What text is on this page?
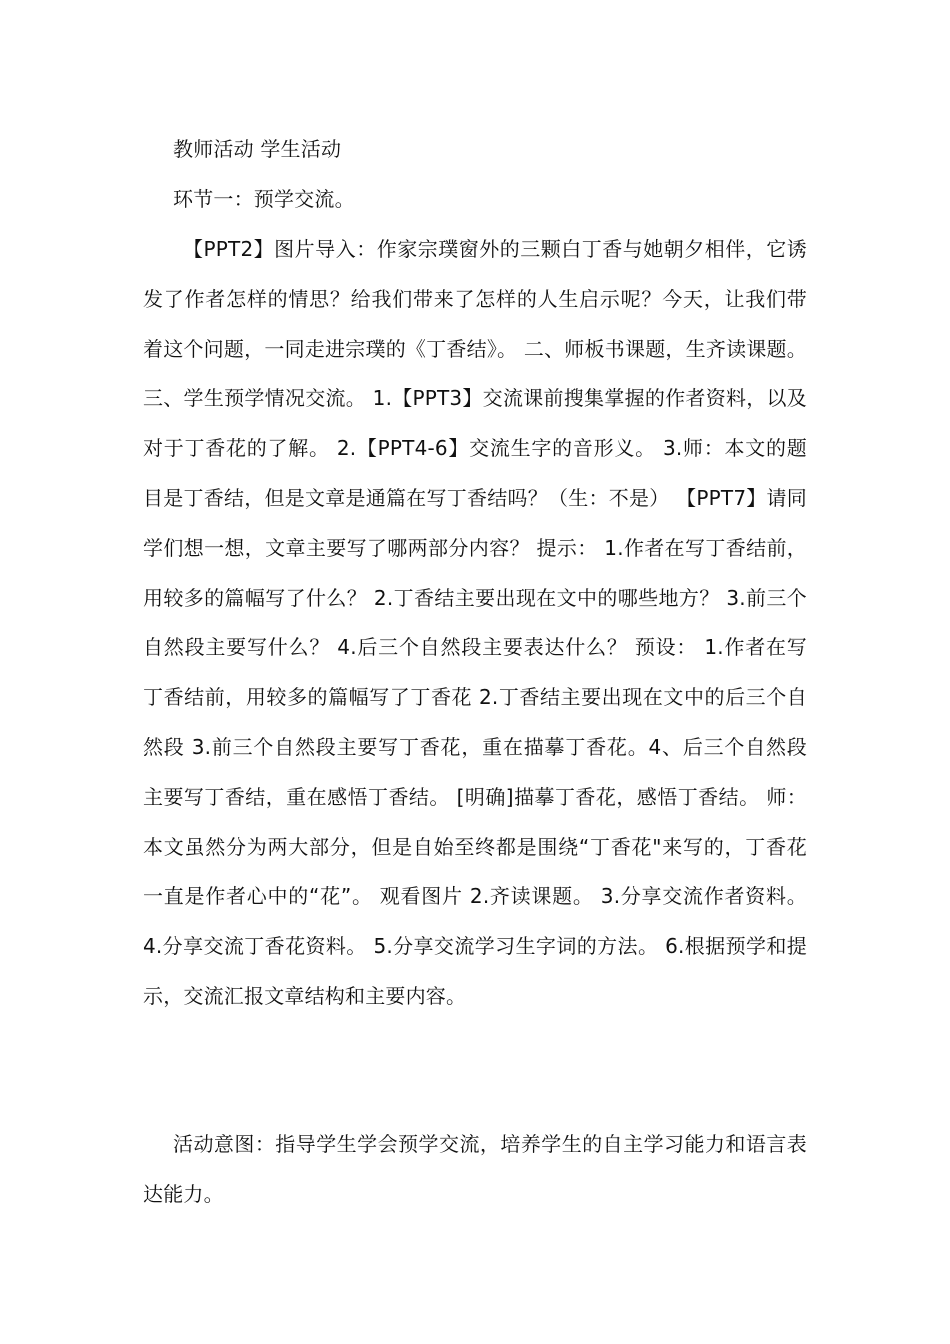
教师活动 学生活动

环节一：预学交流。

【PPT2】图片导入：作家宗璞窗外的三颗白丁香与她朝夕相伴，它诱发了作者怎样的情思？给我们带来了怎样的人生启示呢？今天，让我们带着这个问题，一同走进宗璞的《丁香结》。 二、师板书课题，生齐读课题。 三、学生预学情况交流。 1.【PPT3】交流课前搜集掌握的作者资料，以及对于丁香花的了解。 2.【PPT4-6】交流生字的音形义。 3.师：本文的题目是丁香结，但是文章是通篇在写丁香结吗？（生：不是） 【PPT7】请同学们想一想，文章主要写了哪两部分内容？ 提示： 1.作者在写丁香结前，用较多的篇幅写了什么？ 2.丁香结主要出现在文中的哪些地方？ 3.前三个自然段主要写什么？ 4.后三个自然段主要表达什么？ 预设： 1.作者在写丁香结前，用较多的篇幅写了丁香花 2.丁香结主要出现在文中的后三个自然段 3.前三个自然段主要写丁香花，重在描摹丁香花。4、后三个自然段主要写丁香结，重在感悟丁香结。 [明确]描摹丁香花，感悟丁香结。 师：本文虽然分为两大部分，但是自始至终都是围绕“丁香花"来写的，丁香花一直是作者心中的“花”。 观看图片 2.齐读课题。 3.分享交流作者资料。 4.分享交流丁香花资料。 5.分享交流学习生字词的方法。 6.根据预学和提示，交流汇报文章结构和主要内容。

活动意图：指导学生学会预学交流，培养学生的自主学习能力和语言表达能力。
